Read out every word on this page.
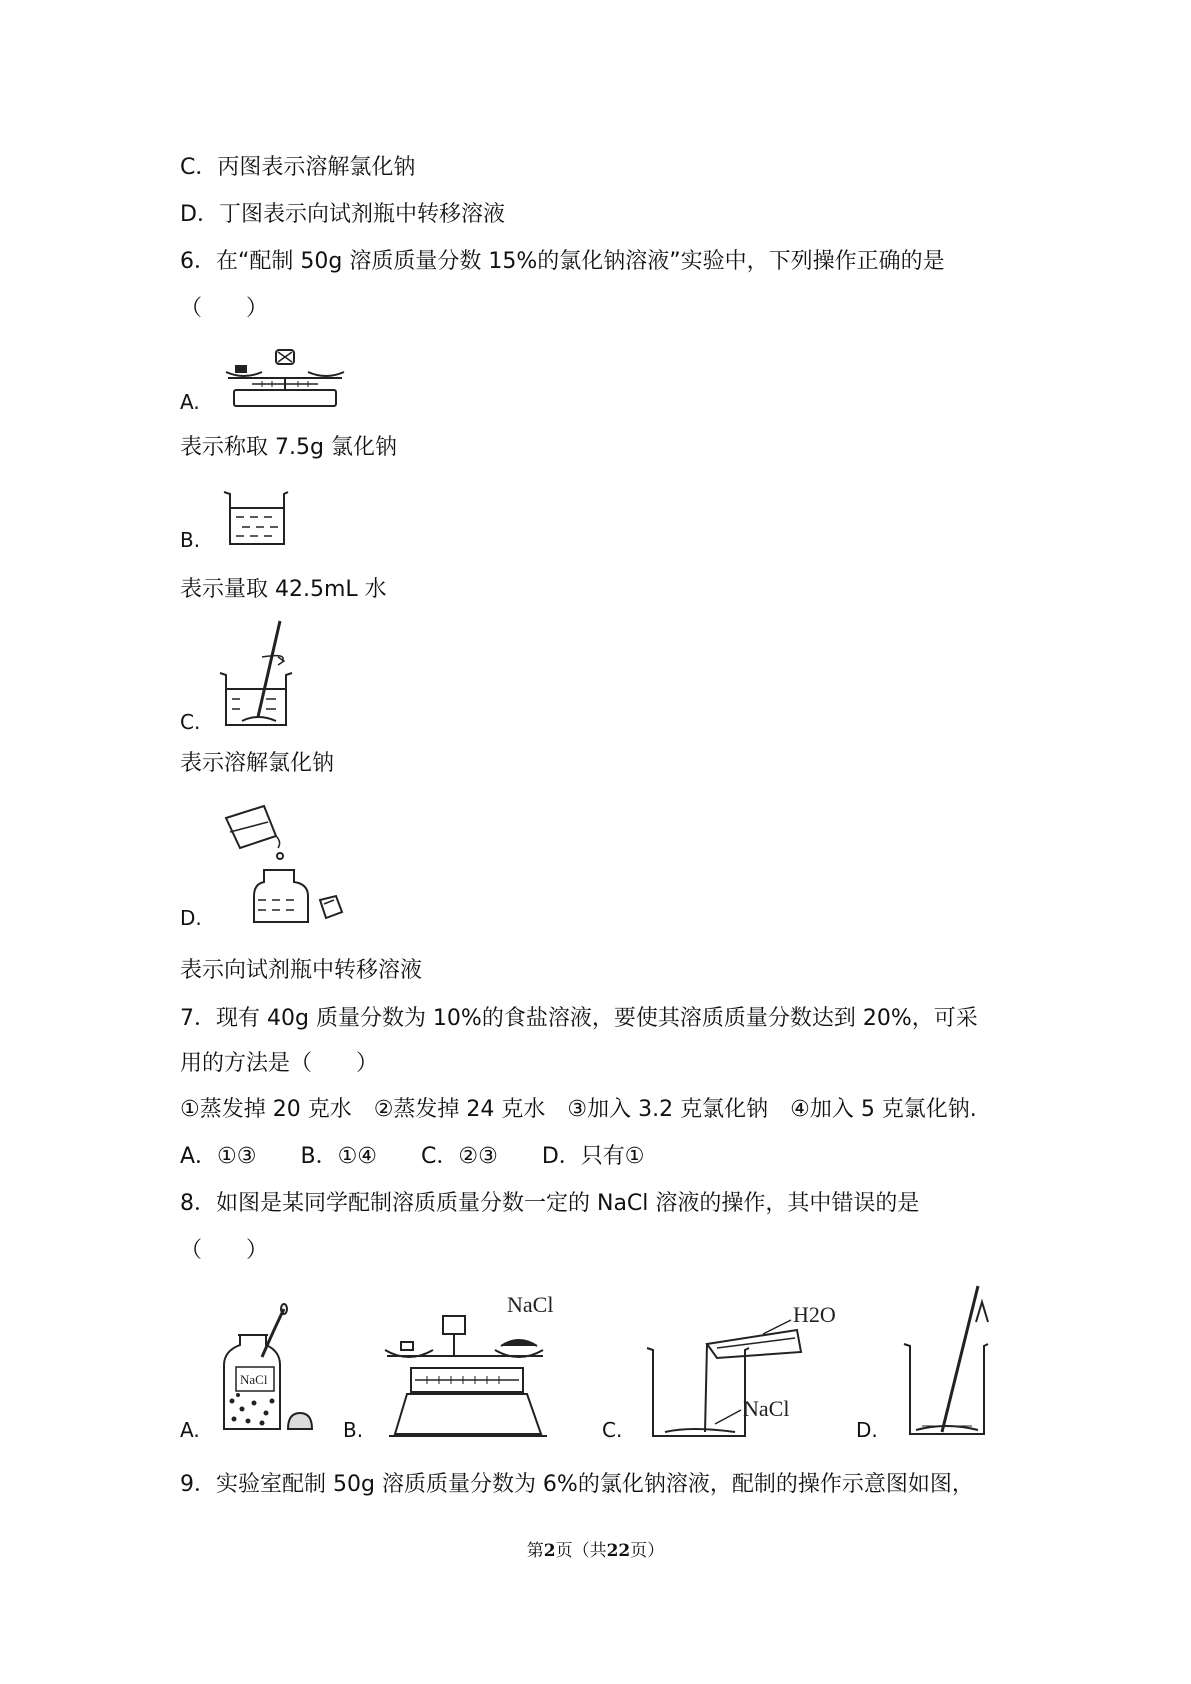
C．丙图表示溶解氯化钠
D．丁图表示向试剂瓶中转移溶液
6．在“配制 50g 溶质质量分数 15%的氯化钠溶液”实验中，下列操作正确的是
（　　）
A.
表示称取 7.5g 氯化钠
B.
表示量取 42.5mL 水
C.
表示溶解氯化钠
D.
表示向试剂瓶中转移溶液
7．现有 40g 质量分数为 10%的食盐溶液，要使其溶质质量分数达到 20%，可采
用的方法是（　　）
①蒸发掉 20 克水　②蒸发掉 24 克水　③加入 3.2 克氯化钠　④加入 5 克氯化钠.
A．①③　　B．①④　　C．②③　　D．只有①
8．如图是某同学配制溶质质量分数一定的 NaCl 溶液的操作，其中错误的是
（　　）
NaCl
A.
NaCl
B.
H2O
NaCl
C.	D.
9．实验室配制 50g 溶质质量分数为 6%的氯化钠溶液，配制的操作示意图如图，
第2页（共22页）
